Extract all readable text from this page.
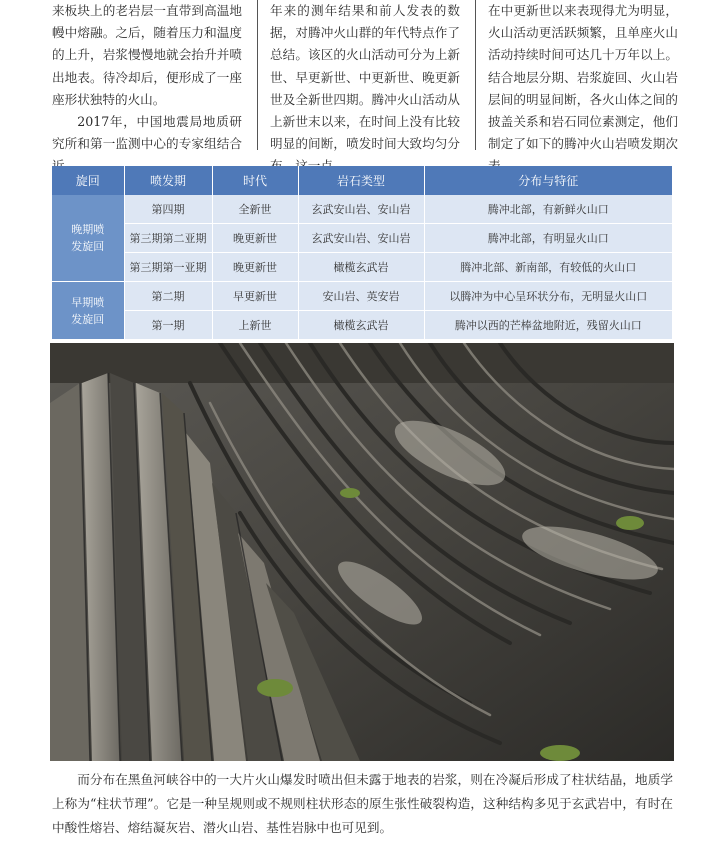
来板块上的老岩层一直带到高温地幔中熔融。之后，随着压力和温度的上升，岩浆慢慢地就会抬升并喷出地表。待冷却后，便形成了一座座形状独特的火山。

2017年，中国地震局地质研究所和第一监测中心的专家组结合

年来的测年结果和前人发表的数据，对腾冲火山群的年代特点作了总结。该区的火山活动可分为上新世、早更新世、中更新世、晚更新世及全新世四期。腾冲火山活动从上新世末以来，在时间上没有比较明显的间断，喷发时间大致均匀分

在中更新世以来表现得尤为明显，火山活动更活跃频繁，且单座火山活动持续时间可达几十万年以上。结合地层分期、岩浆旋回、火山岩层间的明显间断，各火山体之间的披盖关系和岩石同位素测定，他们制定了如下的腾冲火山岩喷发期次

旋回	喷发期	时代	岩石类型	分布与特征
晚期喷发旋回	第四期	全新世	玄武安山岩、安山岩	腾冲北部，有新鲜火山口
	第三期第二亚期	晚更新世	玄武安山岩、安山岩	腾冲北部，有明显火山口
	第三期第一亚期	晚更新世	橄榄玄武岩	腾冲北部、新南部，有较低的火山口
早期喷发旋回	第二期	早更新世	安山岩、英安岩	以腾冲为中心呈环状分布，无明显火山口
	第一期	上新世	橄榄玄武岩	腾冲以西的芒棒盆地附近，残留火山口

而分布在黑鱼河峡谷中的一大片火山爆发时喷出但未露于地表的岩浆，则在冷凝后形成了柱状结晶，地质学上称为“柱状节理”。它是一种呈规则或不规则柱状形态的原生张性破裂构造，这种结构多见于玄武岩中，有时在中酸性熔岩、熔结凝灰岩、潜火山岩、基性岩脉中也可见到。
